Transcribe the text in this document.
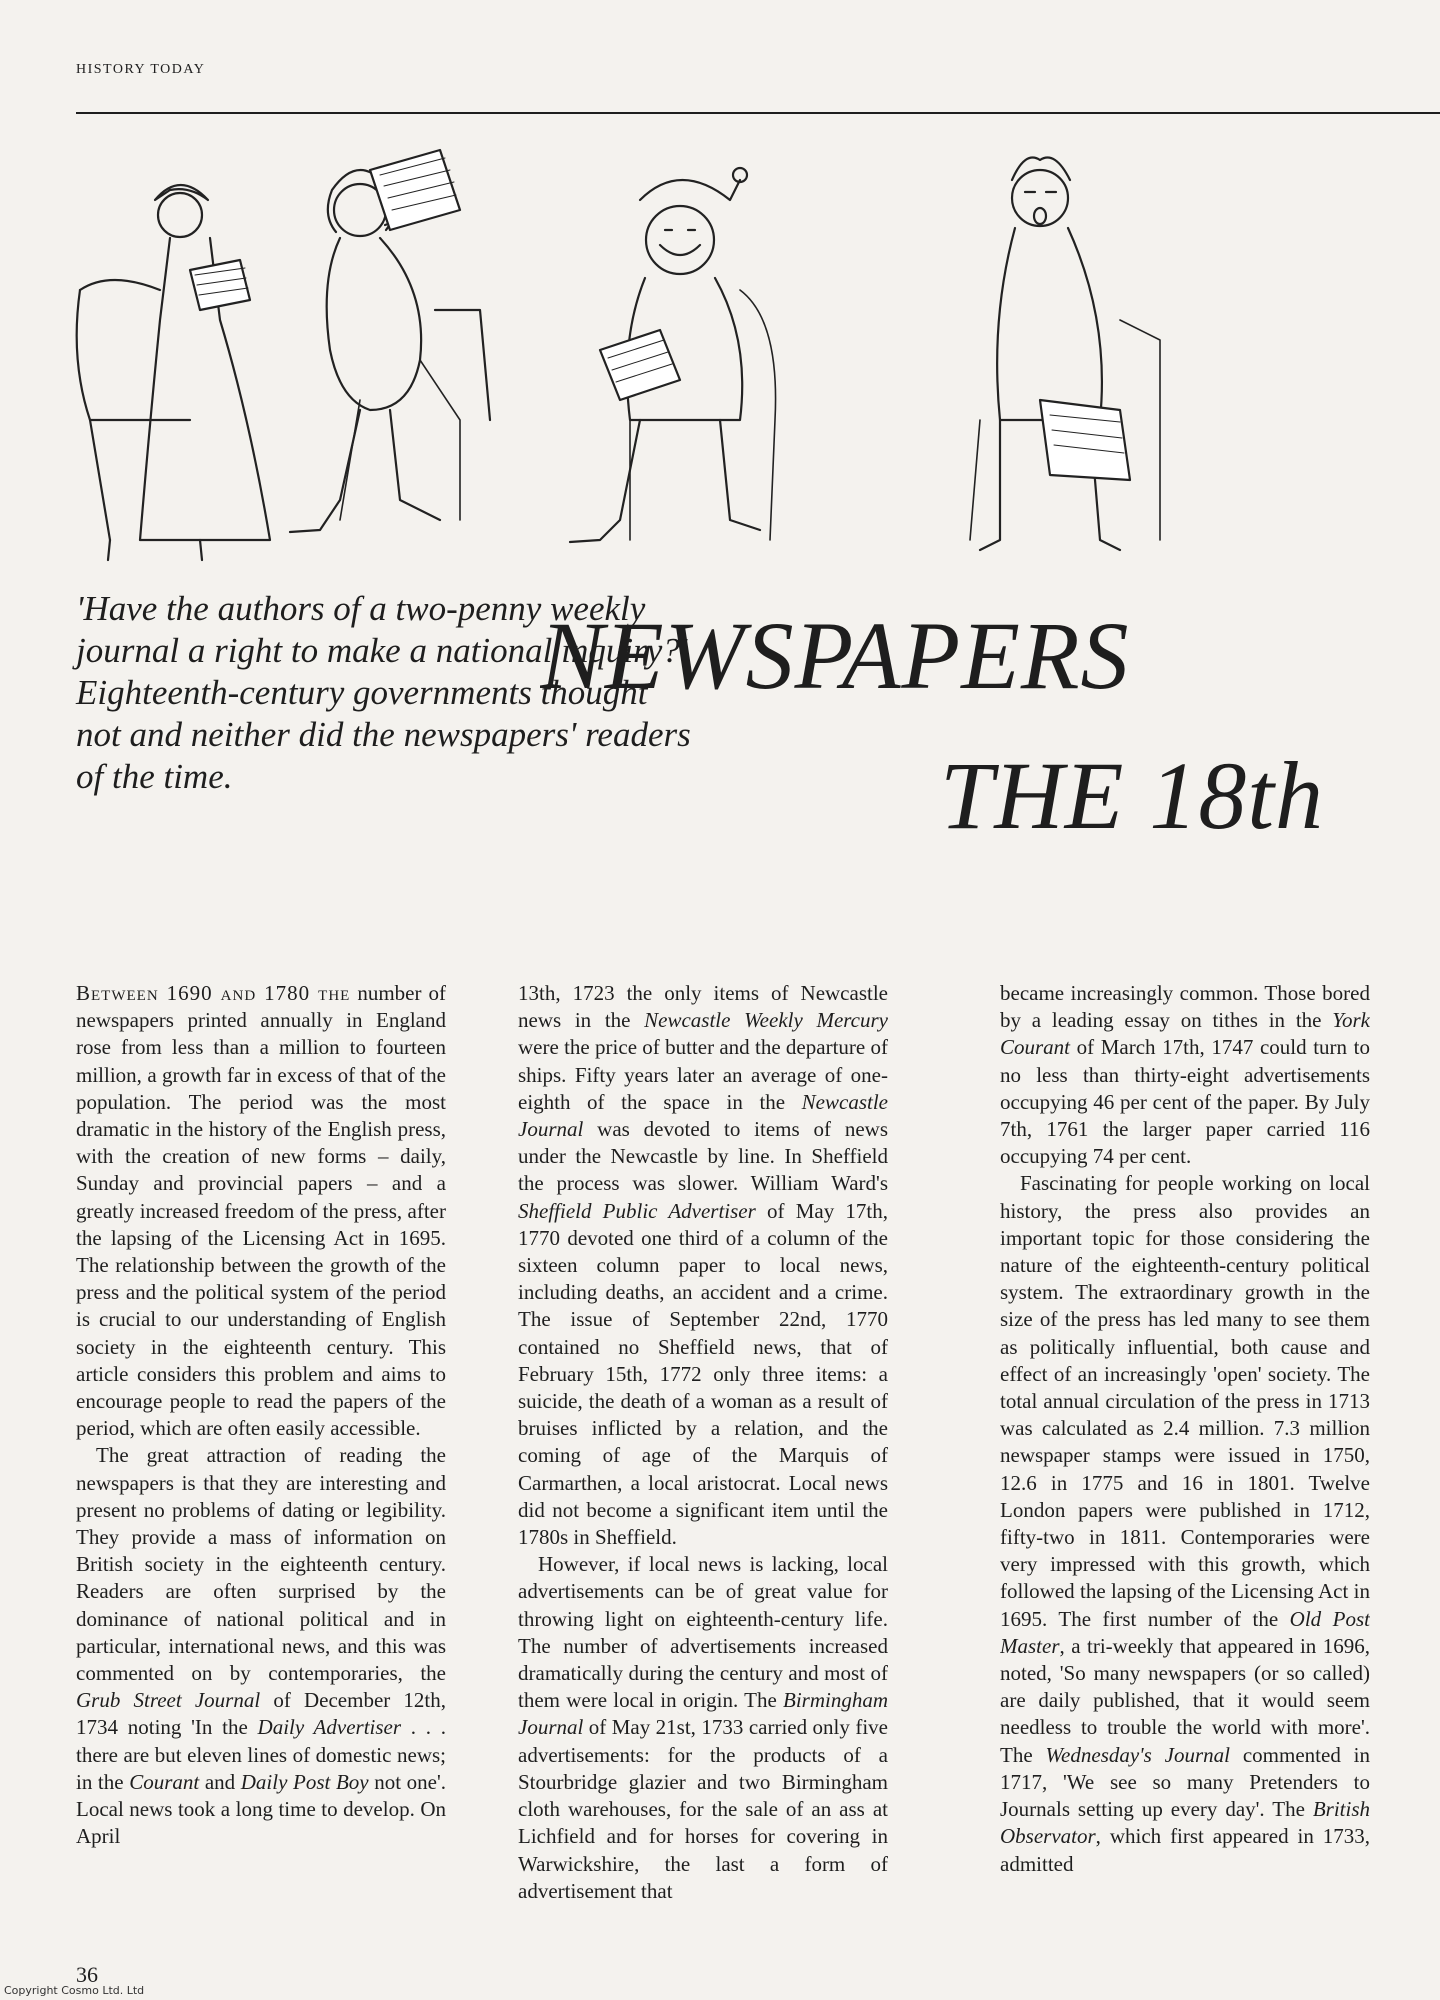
HISTORY TODAY

'Have the authors of a two-penny weekly journal a right to make a national inquiry?' Eighteenth-century governments thought not and neither did the newspapers' readers of the time.

NEWSPAPERS
THE 18th

Between 1690 and 1780 the number of newspapers printed annually in England rose from less than a million to fourteen million, a growth far in excess of that of the population. The period was the most dramatic in the history of the English press, with the creation of new forms – daily, Sunday and provincial papers – and a greatly increased freedom of the press, after the lapsing of the Licensing Act in 1695. The relationship between the growth of the press and the political system of the period is crucial to our understanding of English society in the eighteenth century. This article considers this problem and aims to encourage people to read the papers of the period, which are often easily accessible.

The great attraction of reading the newspapers is that they are interesting and present no problems of dating or legibility. They provide a mass of information on British society in the eighteenth century. Readers are often surprised by the dominance of national political and in particular, international news, and this was commented on by contemporaries, the Grub Street Journal of December 12th, 1734 noting 'In the Daily Advertiser . . . there are but eleven lines of domestic news; in the Courant and Daily Post Boy not one'. Local news took a long time to develop. On April

13th, 1723 the only items of Newcastle news in the Newcastle Weekly Mercury were the price of butter and the departure of ships. Fifty years later an average of one-eighth of the space in the Newcastle Journal was devoted to items of news under the Newcastle by line. In Sheffield the process was slower. William Ward's Sheffield Public Advertiser of May 17th, 1770 devoted one third of a column of the sixteen column paper to local news, including deaths, an accident and a crime. The issue of September 22nd, 1770 contained no Sheffield news, that of February 15th, 1772 only three items: a suicide, the death of a woman as a result of bruises inflicted by a relation, and the coming of age of the Marquis of Carmarthen, a local aristocrat. Local news did not become a significant item until the 1780s in Sheffield.

However, if local news is lacking, local advertisements can be of great value for throwing light on eighteenth-century life. The number of advertisements increased dramatically during the century and most of them were local in origin. The Birmingham Journal of May 21st, 1733 carried only five advertisements: for the products of a Stourbridge glazier and two Birmingham cloth warehouses, for the sale of an ass at Lichfield and for horses for covering in Warwickshire, the last a form of advertisement that

became increasingly common. Those bored by a leading essay on tithes in the York Courant of March 17th, 1747 could turn to no less than thirty-eight advertisements occupying 46 per cent of the paper. By July 7th, 1761 the larger paper carried 116 occupying 74 per cent.

Fascinating for people working on local history, the press also provides an important topic for those considering the nature of the eighteenth-century political system. The extraordinary growth in the size of the press has led many to see them as politically influential, both cause and effect of an increasingly 'open' society. The total annual circulation of the press in 1713 was calculated as 2.4 million. 7.3 million newspaper stamps were issued in 1750, 12.6 in 1775 and 16 in 1801. Twelve London papers were published in 1712, fifty-two in 1811. Contemporaries were very impressed with this growth, which followed the lapsing of the Licensing Act in 1695. The first number of the Old Post Master, a tri-weekly that appeared in 1696, noted, 'So many newspapers (or so called) are daily published, that it would seem needless to trouble the world with more'. The Wednesday's Journal commented in 1717, 'We see so many Pretenders to Journals setting up every day'. The British Observator, which first appeared in 1733, admitted

36
Copyright Cosmo Ltd. Ltd
